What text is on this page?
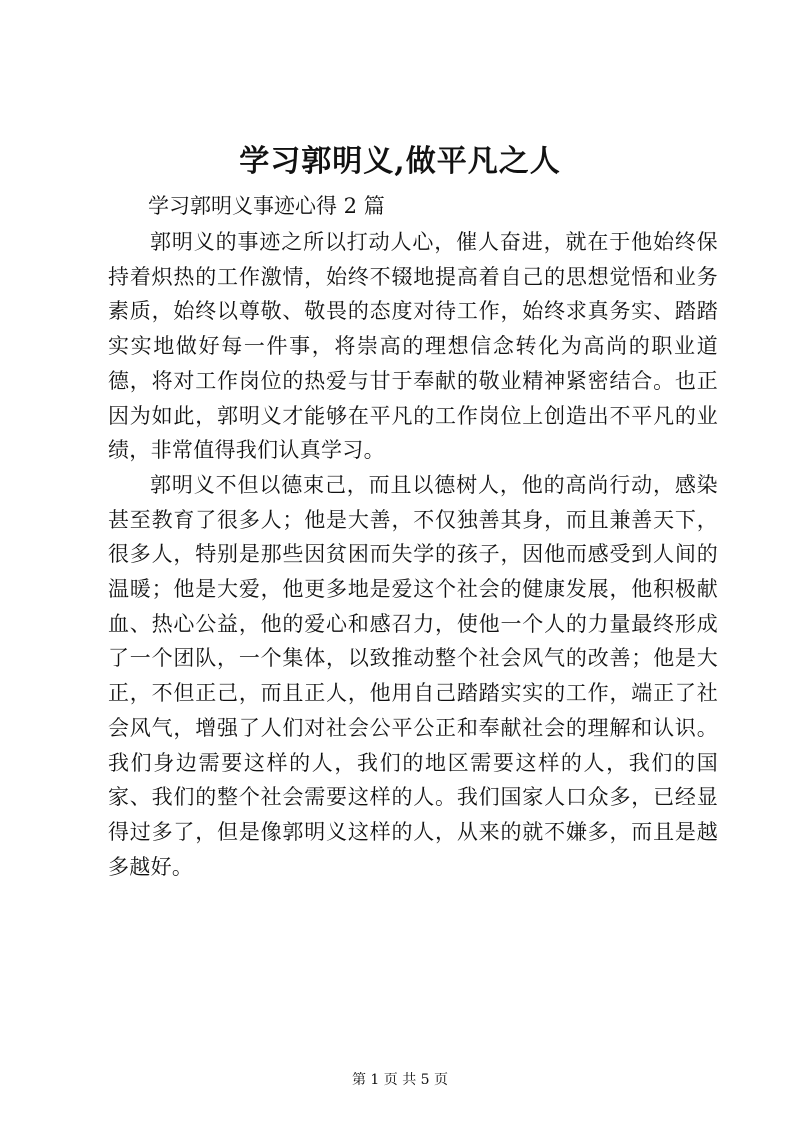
学习郭明义,做平凡之人
学习郭明义事迹心得 2 篇

郭明义的事迹之所以打动人心，催人奋进，就在于他始终保持着炽热的工作激情，始终不辍地提高着自己的思想觉悟和业务素质，始终以尊敬、敬畏的态度对待工作，始终求真务实、踏踏实实地做好每一件事，将崇高的理想信念转化为高尚的职业道德，将对工作岗位的热爱与甘于奉献的敬业精神紧密结合。也正因为如此，郭明义才能够在平凡的工作岗位上创造出不平凡的业绩，非常值得我们认真学习。

郭明义不但以德束己，而且以德树人，他的高尚行动，感染甚至教育了很多人；他是大善，不仅独善其身，而且兼善天下，很多人，特别是那些因贫困而失学的孩子，因他而感受到人间的温暖；他是大爱，他更多地是爱这个社会的健康发展，他积极献血、热心公益，他的爱心和感召力，使他一个人的力量最终形成了一个团队，一个集体，以致推动整个社会风气的改善；他是大正，不但正己，而且正人，他用自己踏踏实实的工作，端正了社会风气，增强了人们对社会公平公正和奉献社会的理解和认识。我们身边需要这样的人，我们的地区需要这样的人，我们的国家、我们的整个社会需要这样的人。我们国家人口众多，已经显得过多了，但是像郭明义这样的人，从来的就不嫌多，而且是越多越好。

第 1 页 共 5 页
